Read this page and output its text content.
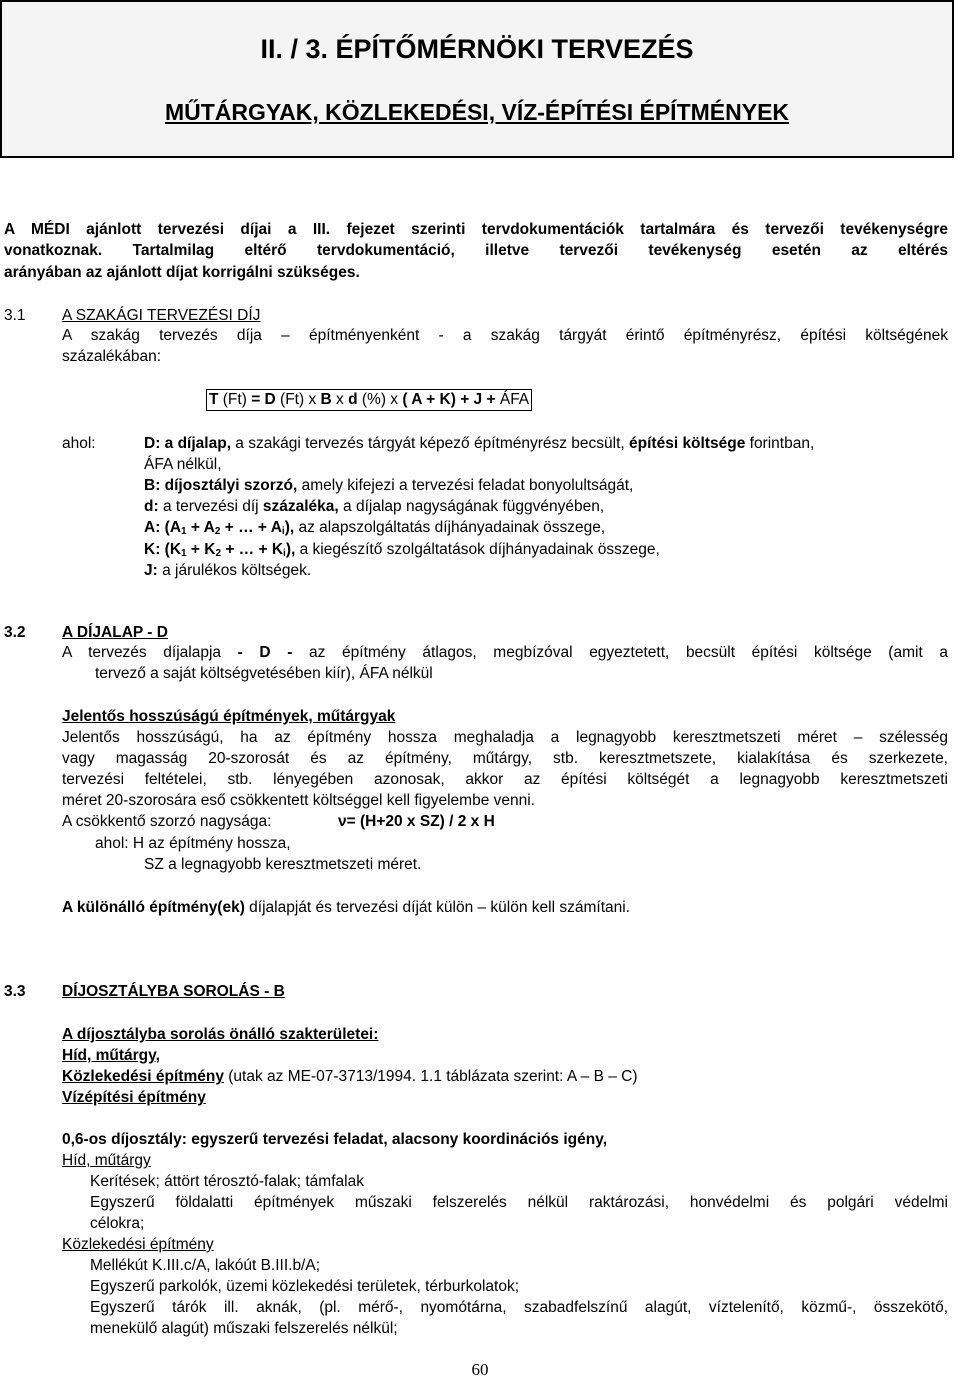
II. / 3. ÉPÍTŐMÉRNÖKI TERVEZÉS
MŰTÁRGYAK, KÖZLEKEDÉSI, VÍZ-ÉPÍTÉSI ÉPÍTMÉNYEK
A MÉDI ajánlott tervezési díjai a III. fejezet szerinti tervdokumentációk tartalmára és tervezői tevékenységre
vonatkoznak. Tartalmilag eltérő tervdokumentáció, illetve tervezői tevékenység esetén az eltérés
arányában az ajánlott díjat korrigálni szükséges.
3.1 A SZAKÁGI TERVEZÉSI DÍJ
A szakág tervezés díja – építményenként - a szakág tárgyát érintő építményrész, építési költségének
százalékában:
T (Ft) = D (Ft) x B x d (%) x ( A + K) + J + ÁFA
ahol:	D: a díjalap, a szakági tervezés tárgyát képező építményrész becsült, építési költsége forintban,
ÁFA nélkül,
B: díjosztályi szorzó, amely kifejezi a tervezési feladat bonyolultságát,
d: a tervezési díj százaléka, a díjalap nagyságának függvényében,
A: ($A_1 + A_2$ + … + $A_i$), az alapszolgáltatás díjhányadainak összege,
K: ($K_1 + K_2$ + … + $K_i$), a kiegészítő szolgáltatások díjhányadainak összege,
J: a járulékos költségek.
3.2 A DÍJALAP - D
A tervezés díjalapja - D - az építmény átlagos, megbízóval egyeztetett, becsült építési költsége (amit a
tervező a saját költségvetésében kiír), ÁFA nélkül
Jelentős hosszúságú építmények, műtárgyak
Jelentős hosszúságú, ha az építmény hossza meghaladja a legnagyobb keresztmetszeti méret – szélesség
vagy magasság 20-szorosát és az építmény, műtárgy, stb. keresztmetszete, kialakítása és szerkezete,
tervezési feltételei, stb. lényegében azonosak, akkor az építési költségét a legnagyobb keresztmetszeti
méret 20-szorosára eső csökkentett költséggel kell figyelembe venni.
A csökkentő szorzó nagysága:	ν= (H+20 x SZ) / 2 x H
ahol: H az építmény hossza,
SZ a legnagyobb keresztmetszeti méret.
A különálló építmény(ek) díjalapját és tervezési díját külön – külön kell számítani.
3.3 DÍJOSZTÁLYBA SOROLÁS - B
A díjosztályba sorolás önálló szakterületei:
Híd, műtárgy,
Közlekedési építmény (utak az ME-07-3713/1994. 1.1 táblázata szerint: A – B – C)
Vízépítési építmény
0,6-os díjosztály: egyszerű tervezési feladat, alacsony koordinációs igény,
Híd, műtárgy
Kerítések; áttört térosztó-falak; támfalak
Egyszerű földalatti építmények műszaki felszerelés nélkül raktározási, honvédelmi és polgári védelmi
célokra;
Közlekedési építmény
Mellékút K.III.c/A, lakóút B.III.b/A;
Egyszerű parkolók, üzemi közlekedési területek, térburkolatok;
Egyszerű tárók ill. aknák, (pl. mérő-, nyomótárna, szabadfelszínű alagút, víztelenítő, közmű-, összekötő,
menekülő alagút) műszaki felszerelés nélkül;
60
